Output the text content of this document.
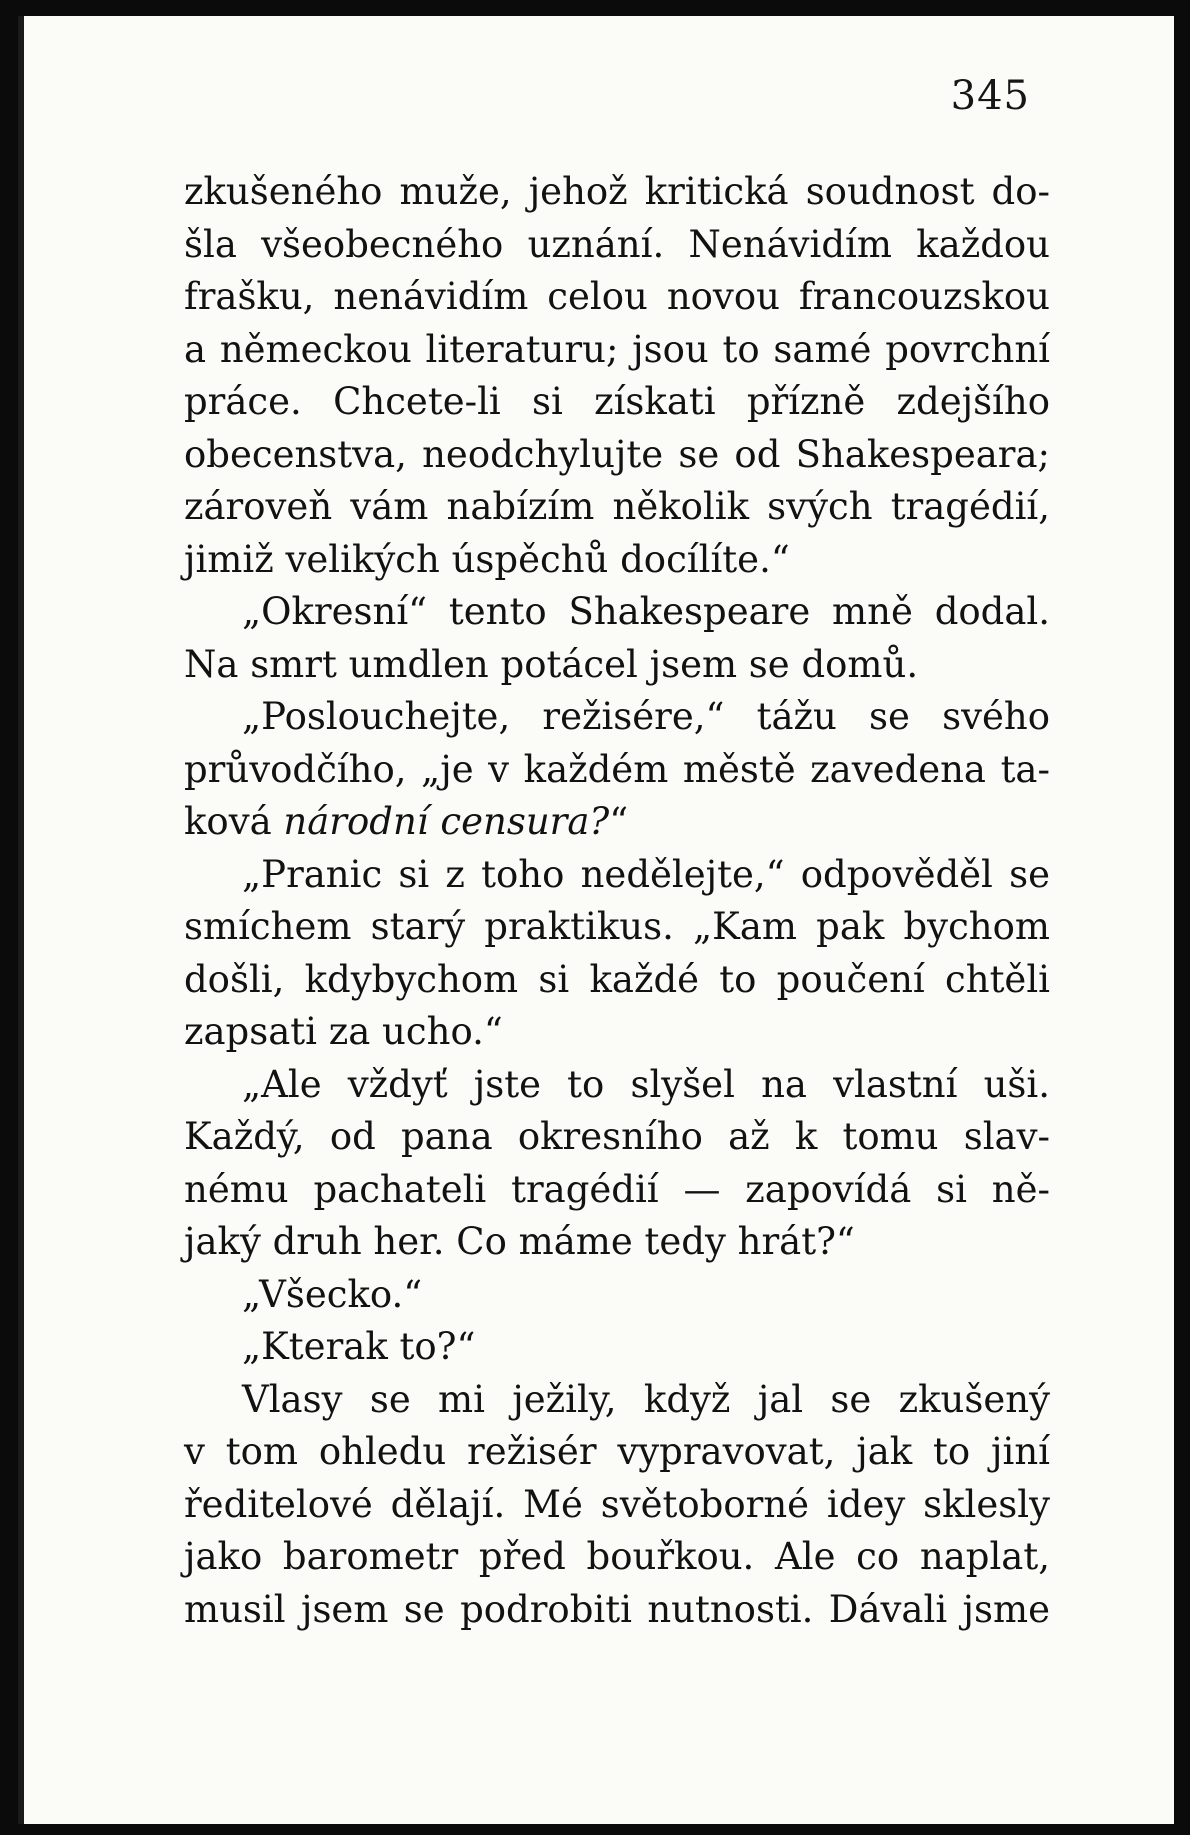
345
zkušeného muže, jehož kritická soudnost do-
šla všeobecného uznání. Nenávidím každou
frašku, nenávidím celou novou francouzskou
a německou literaturu; jsou to samé povrchní
práce. Chcete-li si získati přízně zdejšího
obecenstva, neodchylujte se od Shakespeara;
zároveň vám nabízím několik svých tragédií,
jimiž velikých úspěchů docílíte.“
„Okresní“ tento Shakespeare mně dodal.
Na smrt umdlen potácel jsem se domů.
„Poslouchejte, režisére,“ tážu se svého
průvodčího, „je v každém městě zavedena ta-
ková národní censura?“
„Pranic si z toho nedělejte,“ odpověděl se
smíchem starý praktikus. „Kam pak bychom
došli, kdybychom si každé to poučení chtěli
zapsati za ucho.“
„Ale vždyť jste to slyšel na vlastní uši.
Každý, od pana okresního až k tomu slav-
nému pachateli tragédií — zapovídá si ně-
jaký druh her. Co máme tedy hrát?“
„Všecko.“
„Kterak to?“
Vlasy se mi ježily, když jal se zkušený
v tom ohledu režisér vypravovat, jak to jiní
ředitelové dělají. Mé světoborné idey sklesly
jako barometr před bouřkou. Ale co naplat,
musil jsem se podrobiti nutnosti. Dávali jsme
